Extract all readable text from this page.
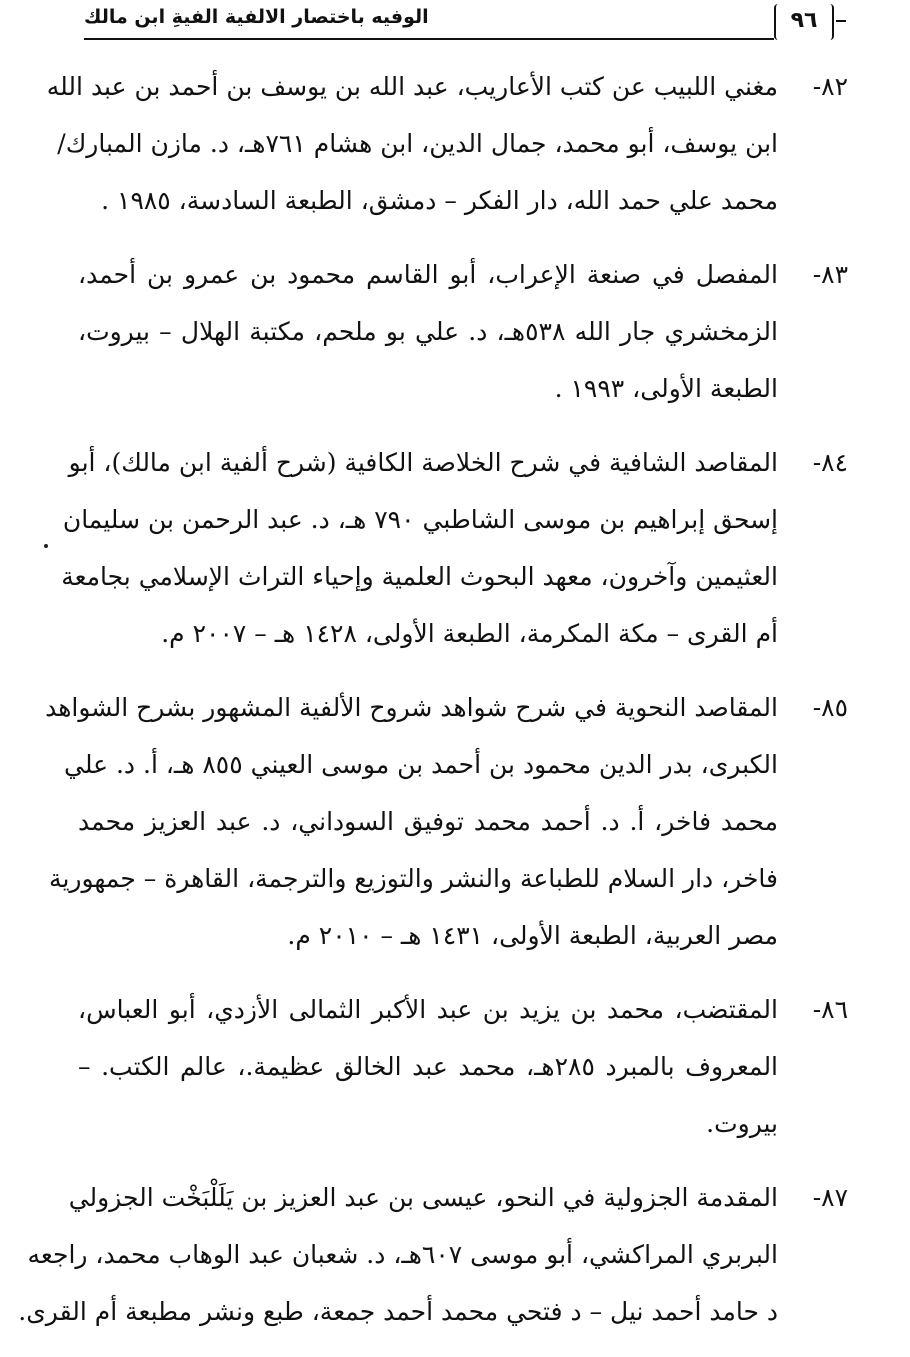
الوفيه باختصار الالفية الفيةِ ابن مالك	٩٦
٨٢-
مغني اللبيب عن كتب الأعاريب، عبد الله بن يوسف بن أحمد بن عبد الله
ابن يوسف، أبو محمد، جمال الدين، ابن هشام ٧٦١هـ، د. مازن المبارك/
محمد علي حمد الله، دار الفكر – دمشق، الطبعة السادسة، ١٩٨٥ .
٨٣-
المفصل في صنعة الإعراب، أبو القاسم محمود بن عمرو بن أحمد،
الزمخشري جار الله ٥٣٨هـ، د. علي بو ملحم، مكتبة الهلال – بيروت،
الطبعة الأولى، ١٩٩٣ .
٨٤-
المقاصد الشافية في شرح الخلاصة الكافية (شرح ألفية ابن مالك)، أبو
إسحق إبراهيم بن موسى الشاطبي ٧٩٠ هـ، د. عبد الرحمن بن سليمان
العثيمين وآخرون، معهد البحوث العلمية وإحياء التراث الإسلامي بجامعة
أم القرى – مكة المكرمة، الطبعة الأولى، ١٤٢٨ هـ – ٢٠٠٧ م.
٨٥-
المقاصد النحوية في شرح شواهد شروح الألفية المشهور بشرح الشواهد
الكبرى، بدر الدين محمود بن أحمد بن موسى العيني ٨٥٥ هـ، أ. د. علي
محمد فاخر، أ. د. أحمد محمد توفيق السوداني، د. عبد العزيز محمد
فاخر، دار السلام للطباعة والنشر والتوزيع والترجمة، القاهرة – جمهورية
مصر العربية، الطبعة الأولى، ١٤٣١ هـ – ٢٠١٠ م.
٨٦-
المقتضب، محمد بن يزيد بن عبد الأكبر الثمالى الأزدي، أبو العباس،
المعروف بالمبرد ٢٨٥هـ، محمد عبد الخالق عظيمة.، عالم الكتب. –
بيروت.
٨٧-
المقدمة الجزولية في النحو، عيسى بن عبد العزيز بن يَلَلْبَخْت الجزولي
البربري المراكشي، أبو موسى ٦٠٧هـ، د. شعبان عبد الوهاب محمد، راجعه
د حامد أحمد نيل – د فتحي محمد أحمد جمعة، طبع ونشر مطبعة أم القرى.
